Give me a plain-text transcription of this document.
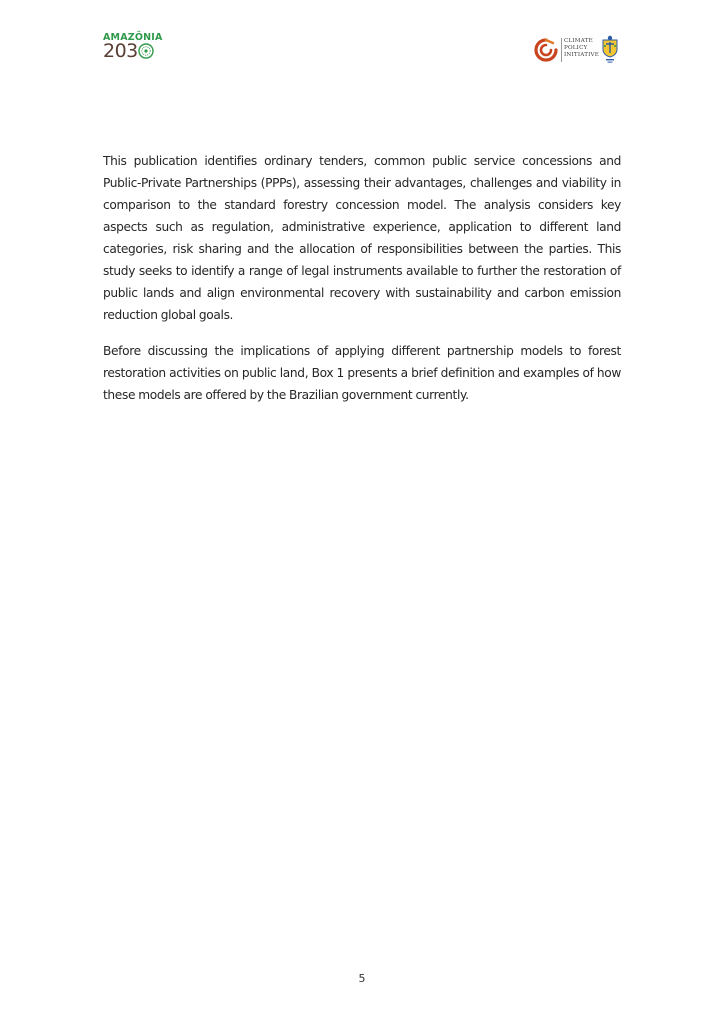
AMAZÔNIA
203	CLIMATE
POLICY
INITIATIVE

This publication identifies ordinary tenders, common public service concessions and Public-Private Partnerships (PPPs), assessing their advantages, challenges and viability in comparison to the standard forestry concession model. The analysis considers key aspects such as regulation, administrative experience, application to different land categories, risk sharing and the allocation of responsibilities between the parties. This study seeks to identify a range of legal instruments available to further the restoration of public lands and align environmental recovery with sustainability and carbon emission reduction global goals.

Before discussing the implications of applying different partnership models to forest restoration activities on public land, Box 1 presents a brief definition and examples of how these models are offered by the Brazilian government currently.

5
